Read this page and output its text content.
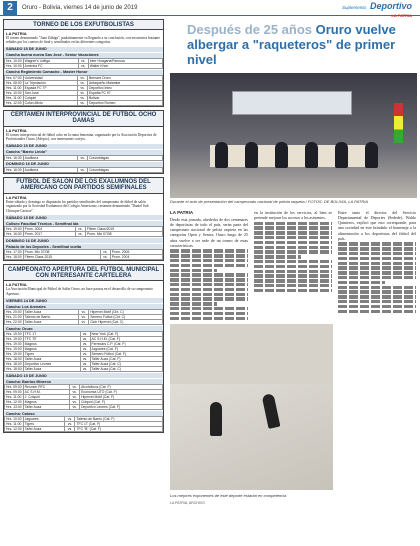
2	Oruro - Bolivia, viernes 14 de junio de 2019	Suplemento Deportivo
LA PATRIA
TORNEO DE LOS EXFUTBOLISTAS
LA PATRIA
El torneo denominado "Juan Zúñiga", paulatinamente va llegando a su conclusión, con encuentros bastante reñidos por los cuartos de final y semifinales en las diferentes categorías.
SÁBADO 15 DE JUNIO
Cancha buena nueva San José - Senior Vacaciones
Hrs. 10:00	Wagner's Voltiga	vs.	Inter Hungaria/Parnusa
Hrs. 10:00	América FC	vs.	Walter Khon
Cancha Regimiento Camacho - Master Honor
Hrs. 07:00	Universidad	vs.	Bernard Oruro
Hrs. 08:00	La Tripulación	vs.	Antaqueño Malambe
Hrs. 11:00	Espada FC 7F	vs.	Deportivo Intec
Hrs. 10:00	San Jose	vs.	España FC 97
Hrs. 11:00	Colquiri	vs.	Bolivar
Hrs. 12:00	Colon-Mixto	vs.	Deportivo Romeo
CERTAMEN INTERPROVINCIAL DE FÚTBOL OCHO DAMAS
LA PATRIA
El torneo interprovincial de fútbol ocho en la rama femenina, organizado por la Asociación Deportiva de Profesionales Oruro (Adepro), con interesantes cotejos.
SÁBADO 15 DE JUNIO
Cancha "Barrio Lindo"
Hrs. 16:30	Auditoría	vs.	Colombiagas
DOMINGO 16 DE JUNIO
Hrs. 16:30	Auditoría	vs.	Colombiagas
FÚTBOL DE SALÓN DE LOS EXALUMNOS DEL AMERICANO CON PARTIDOS SEMIFINALES
LA PATRIA
Entre sábado y domingo se disputarán los partidos semifinales del campeonato de fútbol de salón organizado por la Sociedad Exalumnos del Colegio Americano, certamen denominado "Daniel Sub Chiruque Carasse".
SÁBADO 15 DE JUNIO
Coliseo Facultad Técnica - Semifinal ida
Hrs. 19:00	Prom. 2004	vs.	Fifeen Class/2015
Hrs. 16:00	Prom. 2017	vs.	Prom. Mix 07/08
DOMINGO 16 DE JUNIO
Palacio de los Deportes - Semifinal vuelta
Hrs. 17:00	Prom. Mix 07/08	vs.	Prom. 2006
Hrs. 18:00	Fifeen Class 2015	vs.	Prom. 2004
CAMPEONATO APERTURA DEL FÚTBOL MUNICIPAL CON INTERESANTE CARTELERA
LA PATRIA
La Asociación Municipal de Fútbol de Salón Oruro, no hace pausas en el desarrollo de su campeonato Apertura.
VIERNES 14 DE JUNIO
Cancha: Los Arenales
Hrs. 20:00	Taller Auza	vs.	Hipervel Motif (Cht. C)
Hrs. 21:00	Talento de Barrio	vs.	Semero Fútbol (Cht. C)
Hrs. 22:00	Taller Auza	vs.	Club Hipervel (Cat. C)
Cancha: Oruro
Hrs. 19:00	TFC 1T	vs.	New York (Cat. F)
Hrs. 19:00	TFC "B"	vs.	AC S.H.M. (Cat. F)
Hrs. 19:00	Magnus	vs.	Ferrecars C.P. (Cat. F)
Hrs. 19:00	Magnus	vs.	Jaguares (Cat. F)
Hrs. 19:00	Tigres	vs.	Semero Fútbol (Cat. F)
Hrs. 18:00	Taller Auza	vs.	Taller Auza (Cat. F)
Hrs. 18:00	Deportivo Leones	vs.	Taller Auza (Cat. C)
Hrs. 18:00	Taller Auza	vs.	Taller Auza (Cat. C)
SÁBADO 15 DE JUNIO
Cancha: Barrios Mineros
Hrs. 09:00	Reunión RFC	vs.	Alcohólicos (Cat. F)
Hrs. 09:00	AC S.H.M.	vs.	Economía UTO (Cat. F)
Hrs. 11:00	J. Colquiri	vs.	Hipervel Motif (Cat. F)
Hrs. 12:00	Magnus	vs.	Colquiri (Cat. F)
Hrs. 13:00	Taller Auza	vs.	Deportivo Leones (Cat. F)
Cancha: Caloso
Hrs. 10:00	Jaguares	vs.	Talento de Barrio (Cat. F)
Hrs. 11:00	Tigres	vs.	TFC 1T (Cat. F)
Hrs. 12:00	Taller Auza	vs.	TFC "B" (Cat. F)
Después de 25 años Oruro vuelve albergar a "raqueteros" de primer nivel
Durante el acto de presentación del campeonato nacional de pelota raqueta / FOTOS: DE BOLIVIA, LA PATRIA
LA PATRIA
Desde esta jornada, alrededor de dos centenares de deportistas de todo el país, serán parte del campeonato nacional de pelota raqueta en las categorías Open y Senior, Oruro luego de 25 años vuelve a ser sede de un torneo de estas características.
en la institución de los servicios, al bien se pretende mejorar los accesos a los asistentes.
Entre tanto el director del Servicio Departamental de Deportes (Sedede), Waldo Quinteros, explicó que esto corresponde, para una sociedad en este brindado el homenaje a la alimentación a los deportistas del fútbol del país.
Los mejores exponentes de este deporte estarán en competencia
LA PATRIA, ARCHIVO
